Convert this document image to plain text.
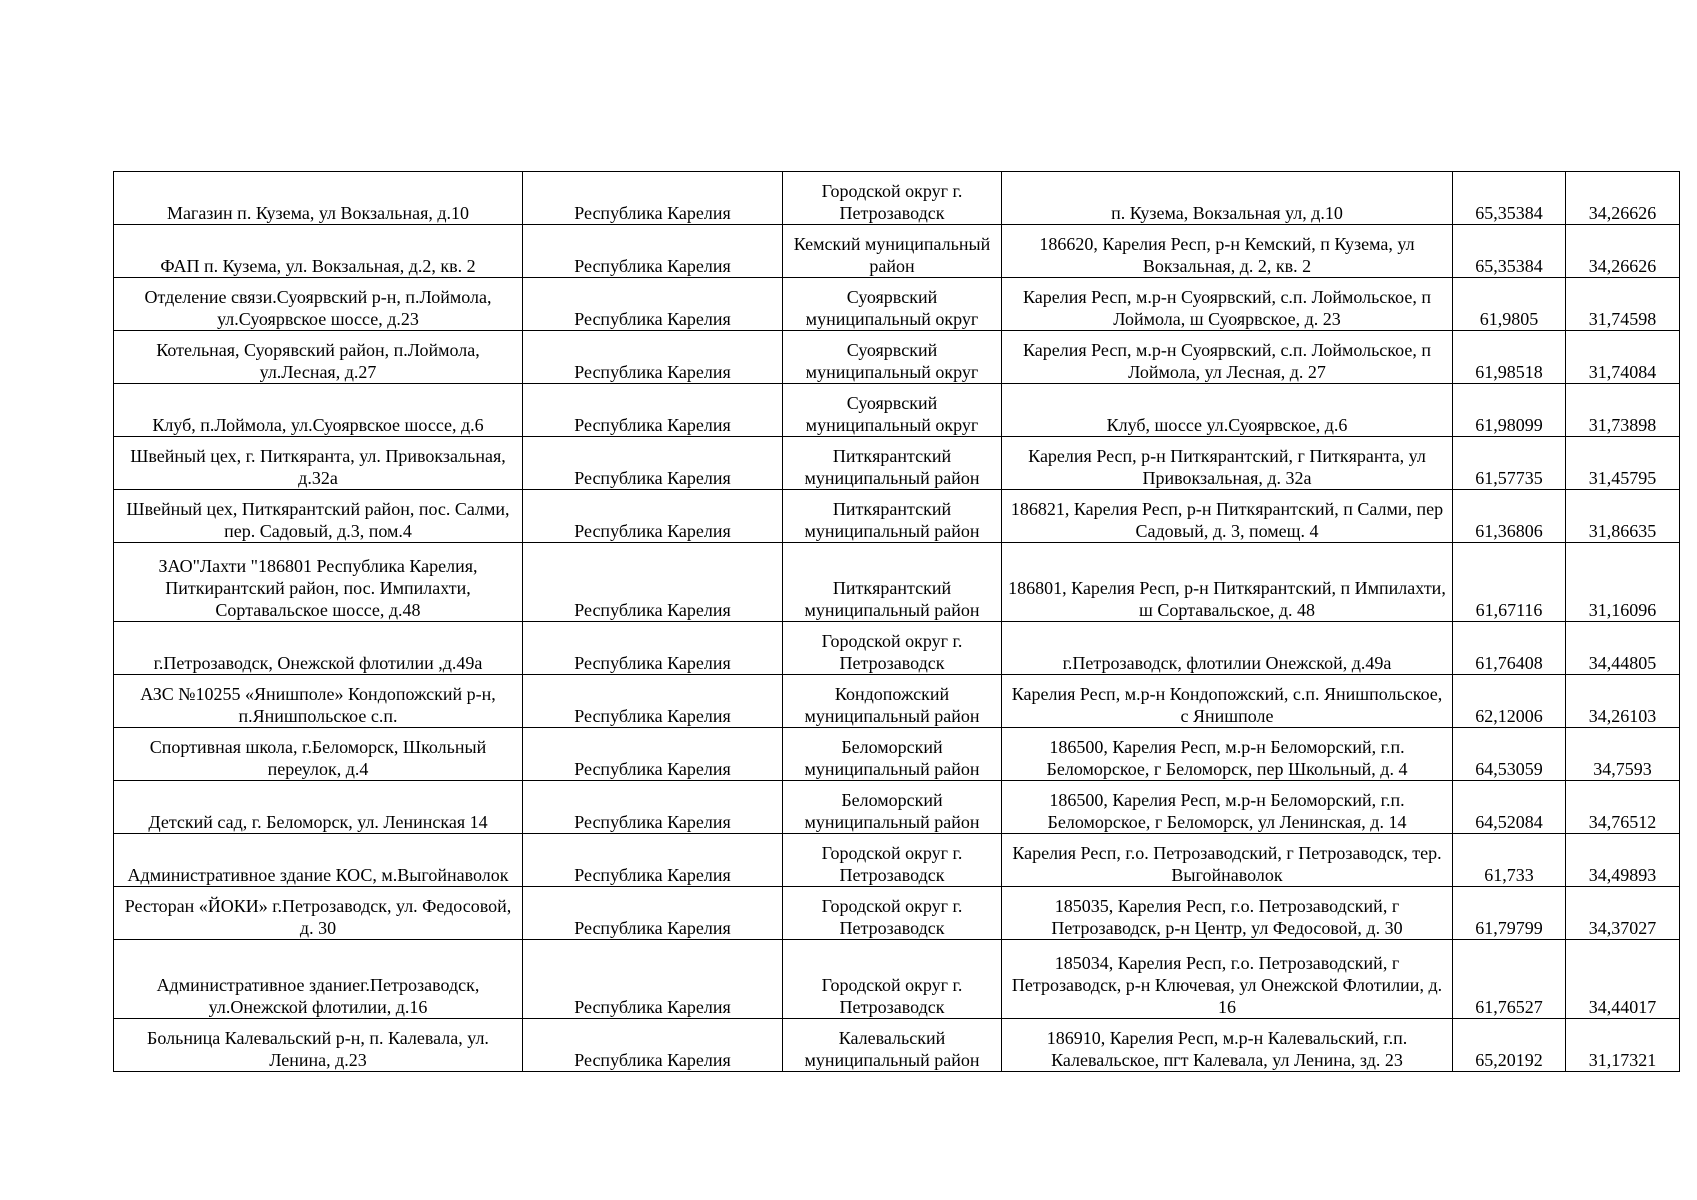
Магазин п. Кузема, ул Вокзальная, д.10	Республика Карелия	Городской округ г. Петрозаводск	п. Кузема, Вокзальная ул, д.10	65,35384	34,26626
ФАП п. Кузема, ул. Вокзальная, д.2, кв. 2	Республика Карелия	Кемский муниципальный район	186620, Карелия Респ, р-н Кемский, п Кузема, ул Вокзальная, д. 2, кв. 2	65,35384	34,26626
Отделение связи.Суоярвский р-н, п.Лоймола, ул.Суоярвское шоссе, д.23	Республика Карелия	Суоярвский муниципальный округ	Карелия Респ, м.р-н Суоярвский, с.п. Лоймольское, п Лоймола, ш Суоярвское, д. 23	61,9805	31,74598
Котельная, Суорявский район, п.Лоймола, ул.Лесная, д.27	Республика Карелия	Суоярвский муниципальный округ	Карелия Респ, м.р-н Суоярвский, с.п. Лоймольское, п Лоймола, ул Лесная, д. 27	61,98518	31,74084
Клуб, п.Лоймола, ул.Суоярвское шоссе, д.6	Республика Карелия	Суоярвский муниципальный округ	Клуб, шоссе ул.Суоярвское, д.6	61,98099	31,73898
Швейный цех, г. Питкяранта, ул. Привокзальная, д.32а	Республика Карелия	Питкярантский муниципальный район	Карелия Респ, р-н Питкярантский, г Питкяранта, ул Привокзальная, д. 32а	61,57735	31,45795
Швейный цех, Питкярантский район, пос. Салми, пер. Садовый, д.3, пом.4	Республика Карелия	Питкярантский муниципальный район	186821, Карелия Респ, р-н Питкярантский, п Салми, пер Садовый, д. 3, помещ. 4	61,36806	31,86635
ЗАО"Лахти "186801 Республика Карелия, Питкирантский район, пос. Импилахти, Сортавальское шоссе, д.48	Республика Карелия	Питкярантский муниципальный район	186801, Карелия Респ, р-н Питкярантский, п Импилахти, ш Сортавальское, д. 48	61,67116	31,16096
г.Петрозаводск, Онежской флотилии ,д.49а	Республика Карелия	Городской округ г. Петрозаводск	г.Петрозаводск, флотилии Онежской, д.49а	61,76408	34,44805
АЗС №10255 «Янишполе» Кондопожский р-н, п.Янишпольское с.п.	Республика Карелия	Кондопожский муниципальный район	Карелия Респ, м.р-н Кондопожский, с.п. Янишпольское, с Янишполе	62,12006	34,26103
Спортивная школа, г.Беломорск, Школьный переулок, д.4	Республика Карелия	Беломорский муниципальный район	186500, Карелия Респ, м.р-н Беломорский, г.п. Беломорское, г Беломорск, пер Школьный, д. 4	64,53059	34,7593
Детский сад, г. Беломорск, ул. Ленинская 14	Республика Карелия	Беломорский муниципальный район	186500, Карелия Респ, м.р-н Беломорский, г.п. Беломорское, г Беломорск, ул Ленинская, д. 14	64,52084	34,76512
Административное здание КОС, м.Выгойнаволок	Республика Карелия	Городской округ г. Петрозаводск	Карелия Респ, г.о. Петрозаводский, г Петрозаводск, тер. Выгойнаволок	61,733	34,49893
Ресторан «ЙОКИ» г.Петрозаводск, ул. Федосовой, д. 30	Республика Карелия	Городской округ г. Петрозаводск	185035, Карелия Респ, г.о. Петрозаводский, г Петрозаводск, р-н Центр, ул Федосовой, д. 30	61,79799	34,37027
Административное зданиег.Петрозаводск, ул.Онежской флотилии, д.16	Республика Карелия	Городской округ г. Петрозаводск	185034, Карелия Респ, г.о. Петрозаводский, г Петрозаводск, р-н Ключевая, ул Онежской Флотилии, д. 16	61,76527	34,44017
Больница Калевальский р-н, п. Калевала, ул. Ленина, д.23	Республика Карелия	Калевальский муниципальный район	186910, Карелия Респ, м.р-н Калевальский, г.п. Калевальское, пгт Калевала, ул Ленина, зд. 23	65,20192	31,17321
